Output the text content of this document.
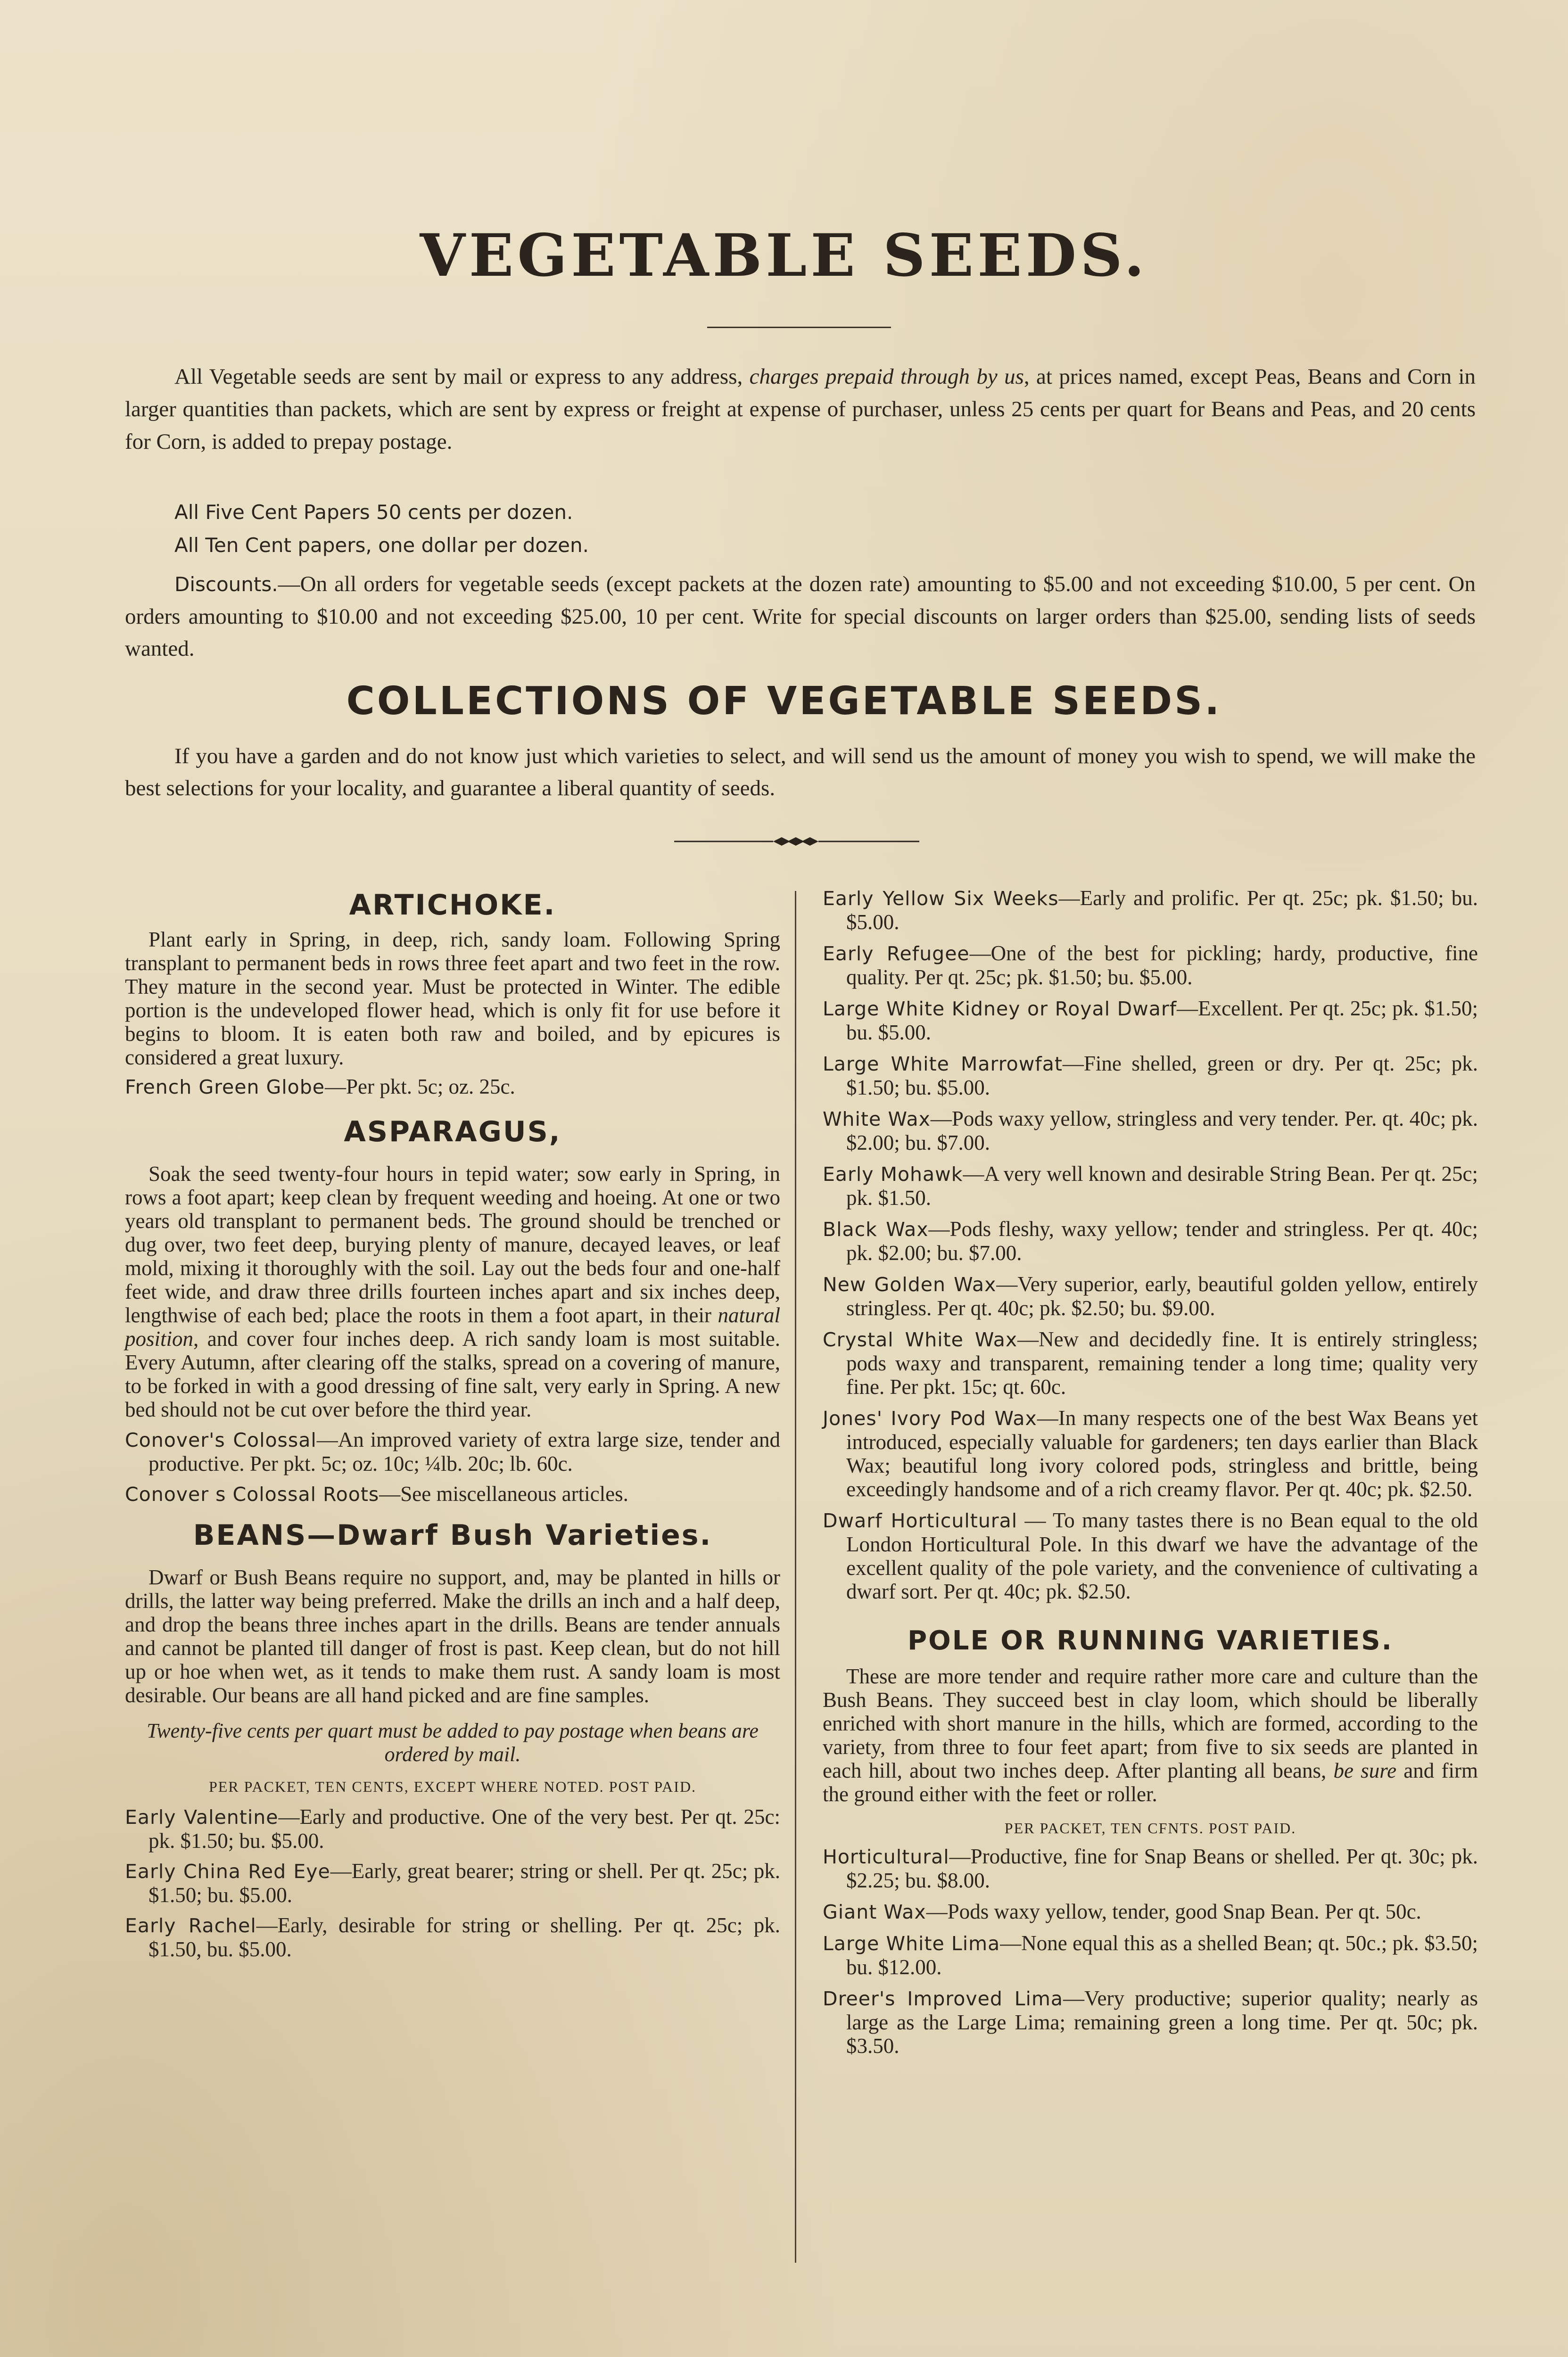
VEGETABLE SEEDS.

All Vegetable seeds are sent by mail or express to any address, charges prepaid through by us, at prices named, except Peas, Beans and Corn in larger quantities than packets, which are sent by express or freight at expense of purchaser, unless 25 cents per quart for Beans and Peas, and 20 cents for Corn, is added to prepay postage.

All Five Cent Papers 50 cents per dozen.

All Ten Cent papers, one dollar per dozen.

Discounts.—On all orders for vegetable seeds (except packets at the dozen rate) amounting to $5.00 and not exceeding $10.00, 5 per cent. On orders amounting to $10.00 and not exceeding $25.00, 10 per cent. Write for special discounts on larger orders than $25.00, sending lists of seeds wanted.

COLLECTIONS OF VEGETABLE SEEDS.

If you have a garden and do not know just which varieties to select, and will send us the amount of money you wish to spend, we will make the best selections for your locality, and guarantee a liberal quantity of seeds.

ARTICHOKE.

Plant early in Spring, in deep, rich, sandy loam. Following Spring transplant to permanent beds in rows three feet apart and two feet in the row. They mature in the second year. Must be protected in Winter. The edible portion is the undeveloped flower head, which is only fit for use before it begins to bloom. It is eaten both raw and boiled, and by epicures is considered a great luxury.

French Green Globe—Per pkt. 5c; oz. 25c.

ASPARAGUS,

Soak the seed twenty-four hours in tepid water; sow early in Spring, in rows a foot apart; keep clean by frequent weeding and hoeing. At one or two years old transplant to permanent beds. The ground should be trenched or dug over, two feet deep, burying plenty of manure, decayed leaves, or leaf mold, mixing it thoroughly with the soil. Lay out the beds four and one-half feet wide, and draw three drills fourteen inches apart and six inches deep, lengthwise of each bed; place the roots in them a foot apart, in their natural position, and cover four inches deep. A rich sandy loam is most suitable. Every Autumn, after clearing off the stalks, spread on a covering of manure, to be forked in with a good dressing of fine salt, very early in Spring. A new bed should not be cut over before the third year.

Conover's Colossal—An improved variety of extra large size, tender and productive. Per pkt. 5c; oz. 10c; ¼lb. 20c; lb. 60c.

Conover s Colossal Roots—See miscellaneous articles.

BEANS—Dwarf Bush Varieties.

Dwarf or Bush Beans require no support, and, may be planted in hills or drills, the latter way being preferred. Make the drills an inch and a half deep, and drop the beans three inches apart in the drills. Beans are tender annuals and cannot be planted till danger of frost is past. Keep clean, but do not hill up or hoe when wet, as it tends to make them rust. A sandy loam is most desirable. Our beans are all hand picked and are fine samples.

Twenty-five cents per quart must be added to pay postage when beans are ordered by mail.

PER PACKET, TEN CENTS, EXCEPT WHERE NOTED. POST PAID.

Early Valentine—Early and productive. One of the very best. Per qt. 25c: pk. $1.50; bu. $5.00.

Early China Red Eye—Early, great bearer; string or shell. Per qt. 25c; pk. $1.50; bu. $5.00.

Early Rachel—Early, desirable for string or shelling. Per qt. 25c; pk. $1.50, bu. $5.00.

Early Yellow Six Weeks—Early and prolific. Per qt. 25c; pk. $1.50; bu. $5.00.

Early Refugee—One of the best for pickling; hardy, productive, fine quality. Per qt. 25c; pk. $1.50; bu. $5.00.

Large White Kidney or Royal Dwarf—Excellent. Per qt. 25c; pk. $1.50; bu. $5.00.

Large White Marrowfat—Fine shelled, green or dry. Per qt. 25c; pk. $1.50; bu. $5.00.

White Wax—Pods waxy yellow, stringless and very tender. Per. qt. 40c; pk. $2.00; bu. $7.00.

Early Mohawk—A very well known and desirable String Bean. Per qt. 25c; pk. $1.50.

Black Wax—Pods fleshy, waxy yellow; tender and stringless. Per qt. 40c; pk. $2.00; bu. $7.00.

New Golden Wax—Very superior, early, beautiful golden yellow, entirely stringless. Per qt. 40c; pk. $2.50; bu. $9.00.

Crystal White Wax—New and decidedly fine. It is entirely stringless; pods waxy and transparent, remaining tender a long time; quality very fine. Per pkt. 15c; qt. 60c.

Jones' Ivory Pod Wax—In many respects one of the best Wax Beans yet introduced, especially valuable for gardeners; ten days earlier than Black Wax; beautiful long ivory colored pods, stringless and brittle, being exceedingly handsome and of a rich creamy flavor. Per qt. 40c; pk. $2.50.

Dwarf Horticultural — To many tastes there is no Bean equal to the old London Horticultural Pole. In this dwarf we have the advantage of the excellent quality of the pole variety, and the convenience of cultivating a dwarf sort. Per qt. 40c; pk. $2.50.

POLE OR RUNNING VARIETIES.

These are more tender and require rather more care and culture than the Bush Beans. They succeed best in clay loom, which should be liberally enriched with short manure in the hills, which are formed, according to the variety, from three to four feet apart; from five to six seeds are planted in each hill, about two inches deep. After planting all beans, be sure and firm the ground either with the feet or roller.

PER PACKET, TEN CFNTS. POST PAID.

Horticultural—Productive, fine for Snap Beans or shelled. Per qt. 30c; pk. $2.25; bu. $8.00.

Giant Wax—Pods waxy yellow, tender, good Snap Bean. Per qt. 50c.

Large White Lima—None equal this as a shelled Bean; qt. 50c.; pk. $3.50; bu. $12.00.

Dreer's Improved Lima—Very productive; superior quality; nearly as large as the Large Lima; remaining green a long time. Per qt. 50c; pk. $3.50.
